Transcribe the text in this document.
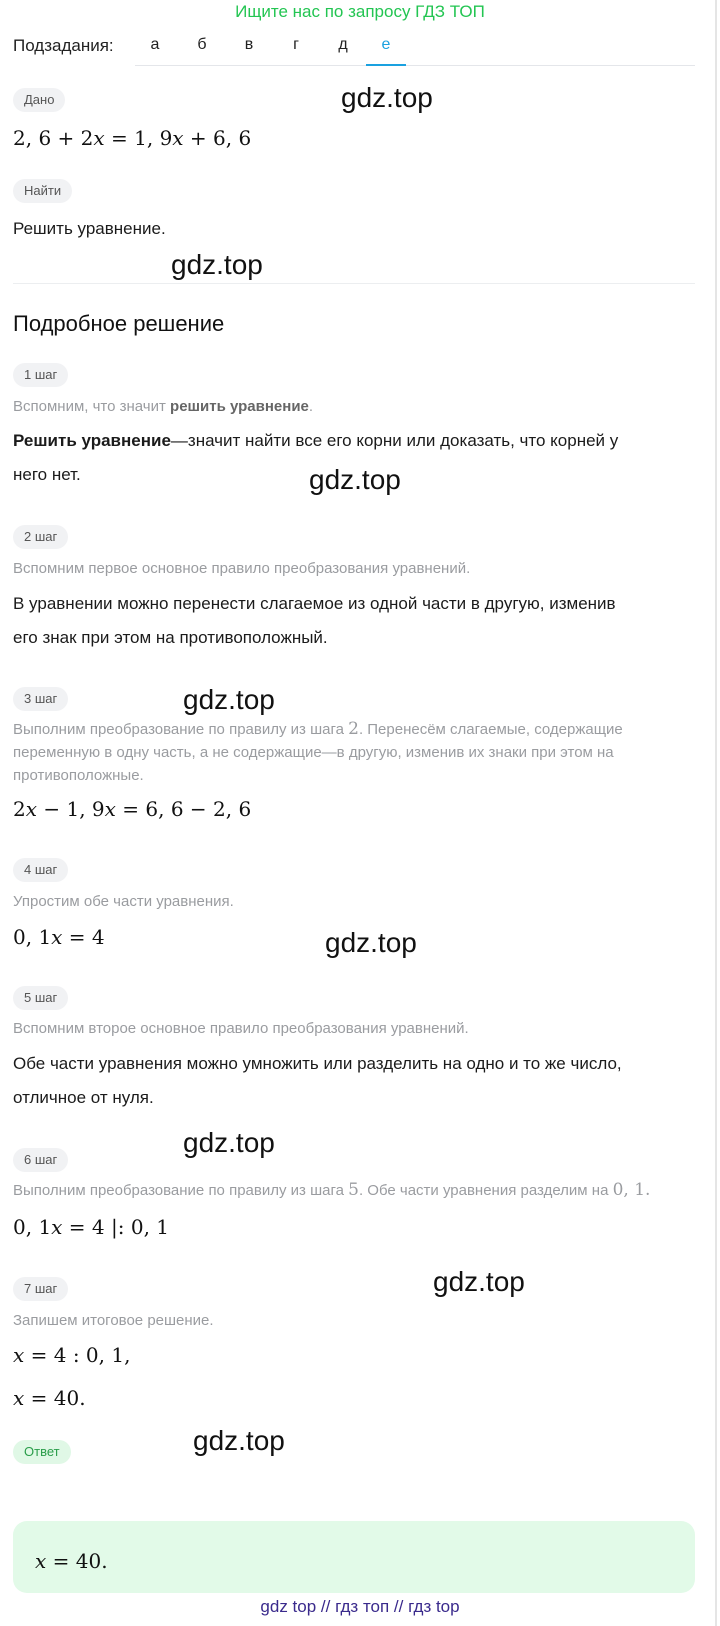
Ищите нас по запросу ГДЗ ТОП
Подзадания:	а	б	в	г	д	е
Дано	gdz.top
2, 6 + 2x = 1, 9x + 6, 6
Найти
Решить уравнение.
gdz.top
Подробное решение
1 шаг
Вспомним, что значит решить уравнение.
Решить уравнение—значит найти все его корни или доказать, что корней у
него нет.	gdz.top
2 шаг
Вспомним первое основное правило преобразования уравнений.
В уравнении можно перенести слагаемое из одной части в другую, изменив
его знак при этом на противоположный.
3 шаг	gdz.top
Выполним преобразование по правилу из шага 2. Перенесём слагаемые, содержащие
переменную в одну часть, а не содержащие—в другую, изменив их знаки при этом на
противоположные.
2x − 1, 9x = 6, 6 − 2, 6
4 шаг
Упростим обе части уравнения.
0, 1x = 4	gdz.top
5 шаг
Вспомним второе основное правило преобразования уравнений.
Обе части уравнения можно умножить или разделить на одно и то же число,
отличное от нуля.
gdz.top
6 шаг
Выполним преобразование по правилу из шага 5. Обе части уравнения разделим на 0, 1.
0, 1x = 4 |: 0, 1
gdz.top
7 шаг
Запишем итоговое решение.
x = 4 : 0, 1,
x = 40.
Ответ	gdz.top
x = 40.
gdz top // гдз топ // гдз top
